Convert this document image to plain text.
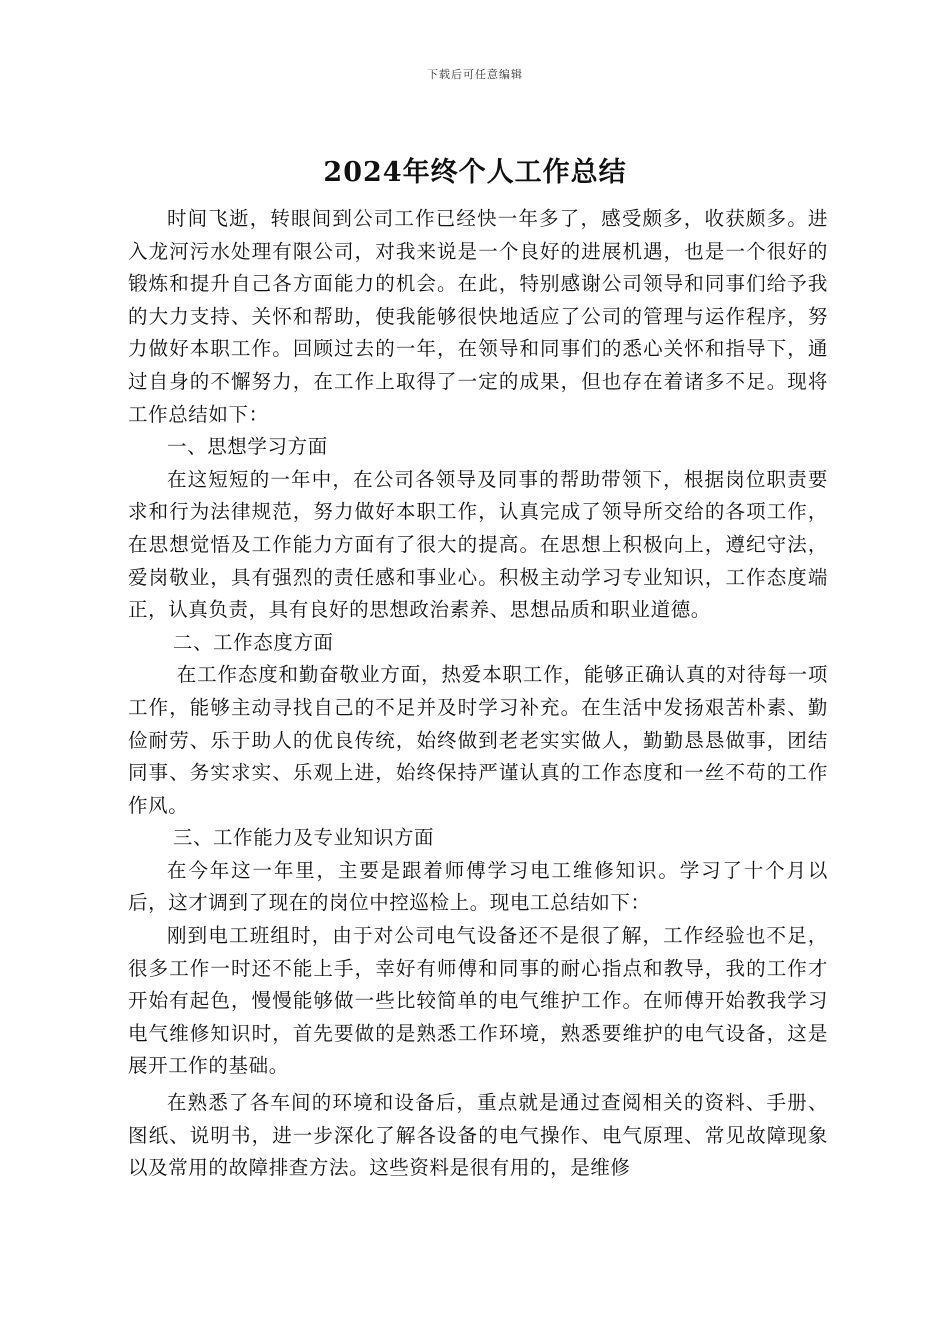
下载后可任意编辑
2024年终个人工作总结

时间飞逝，转眼间到公司工作已经快一年多了，感受颇多，收获颇多。进入龙河污水处理有限公司，对我来说是一个良好的进展机遇，也是一个很好的锻炼和提升自己各方面能力的机会。在此，特别感谢公司领导和同事们给予我的大力支持、关怀和帮助，使我能够很快地适应了公司的管理与运作程序，努力做好本职工作。回顾过去的一年，在领导和同事们的悉心关怀和指导下，通过自身的不懈努力，在工作上取得了一定的成果，但也存在着诸多不足。现将工作总结如下：

一、思想学习方面

在这短短的一年中，在公司各领导及同事的帮助带领下，根据岗位职责要求和行为法律规范，努力做好本职工作，认真完成了领导所交给的各项工作，在思想觉悟及工作能力方面有了很大的提高。在思想上积极向上，遵纪守法，爱岗敬业，具有强烈的责任感和事业心。积极主动学习专业知识，工作态度端正，认真负责，具有良好的思想政治素养、思想品质和职业道德。

二、工作态度方面

在工作态度和勤奋敬业方面，热爱本职工作，能够正确认真的对待每一项工作，能够主动寻找自己的不足并及时学习补充。在生活中发扬艰苦朴素、勤俭耐劳、乐于助人的优良传统，始终做到老老实实做人，勤勤恳恳做事，团结同事、务实求实、乐观上进，始终保持严谨认真的工作态度和一丝不苟的工作作风。

三、工作能力及专业知识方面

在今年这一年里，主要是跟着师傅学习电工维修知识。学习了十个月以后，这才调到了现在的岗位中控巡检上。现电工总结如下：

刚到电工班组时，由于对公司电气设备还不是很了解，工作经验也不足，很多工作一时还不能上手，幸好有师傅和同事的耐心指点和教导，我的工作才开始有起色，慢慢能够做一些比较简单的电气维护工作。在师傅开始教我学习电气维修知识时，首先要做的是熟悉工作环境，熟悉要维护的电气设备，这是展开工作的基础。

在熟悉了各车间的环境和设备后，重点就是通过查阅相关的资料、手册、图纸、说明书，进一步深化了解各设备的电气操作、电气原理、常见故障现象以及常用的故障排查方法。这些资料是很有用的，是维修
